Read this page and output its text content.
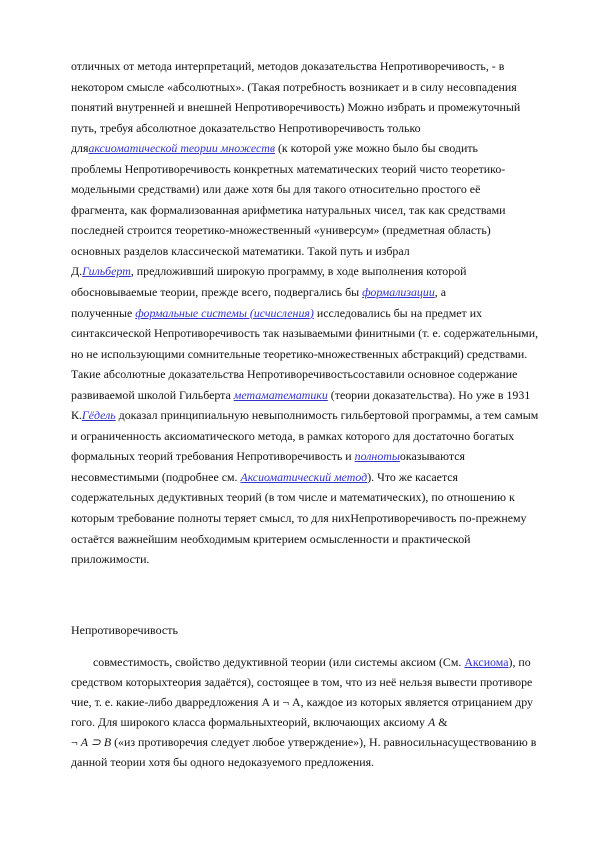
отличных от метода интерпретаций, методов доказательства Непротиворечивость, - в
некотором смысле «абсолютных». (Такая потребность возникает и в силу несовпадения
понятий внутренней и внешней Непротиворечивость) Можно избрать и промежуточный
путь, требуя абсолютное доказательство Непротиворечивость только
дляаксиоматической теории множеств (к которой уже можно было бы сводить
проблемы Непротиворечивость конкретных математических теорий чисто теоретико-
модельными средствами) или даже хотя бы для такого относительно простого её
фрагмента, как формализованная арифметика натуральных чисел, так как средствами
последней строится теоретико-множественный «универсум» (предметная область)
основных разделов классической математики. Такой путь и избрал
Д.Гильберт, предложивший широкую программу, в ходе выполнения которой
обосновываемые теории, прежде всего, подвергались бы формализации, а
полученные формальные системы (исчисления) исследовались бы на предмет их
синтаксической Непротиворечивость так называемыми финитными (т. е. содержательными,
но не использующими сомнительные теоретико-множественных абстракций) средствами.
Такие абсолютные доказательства Непротиворечивостьсоставили основное содержание
развиваемой школой Гильберта метаматематики (теории доказательства). Но уже в 1931
К.Гёдель доказал принципиальную невыполнимость гильбертовой программы, а тем самым
и ограниченность аксиоматического метода, в рамках которого для достаточно богатых
формальных теорий требования Непротиворечивость и полнотыоказываются
несовместимыми (подробнее см. Аксиоматический метод). Что же касается
содержательных дедуктивных теорий (в том числе и математических), по отношению к
которым требование полноты теряет смысл, то для нихНепротиворечивость по-прежнему
остаётся важнейшим необходимым критерием осмысленности и практической
приложимости.
Непротиворечивость
совместимость, свойство дедуктивной теории (или системы аксиом (См. Аксиома), по
средством которыхтеория задаётся), состоящее в том, что из неё нельзя вывести противоре
чие, т. е. какие-либо дваpредложения А и ¬ А, каждое из которых является отрицанием дру
гого. Для широкого класса формальныхтеорий, включающих аксиому А &
¬ А ⊃ В («из противоречия следует любое утверждение»), Н. равносильнасуществованию в
данной теории хотя бы одного недоказуемого предложения.
